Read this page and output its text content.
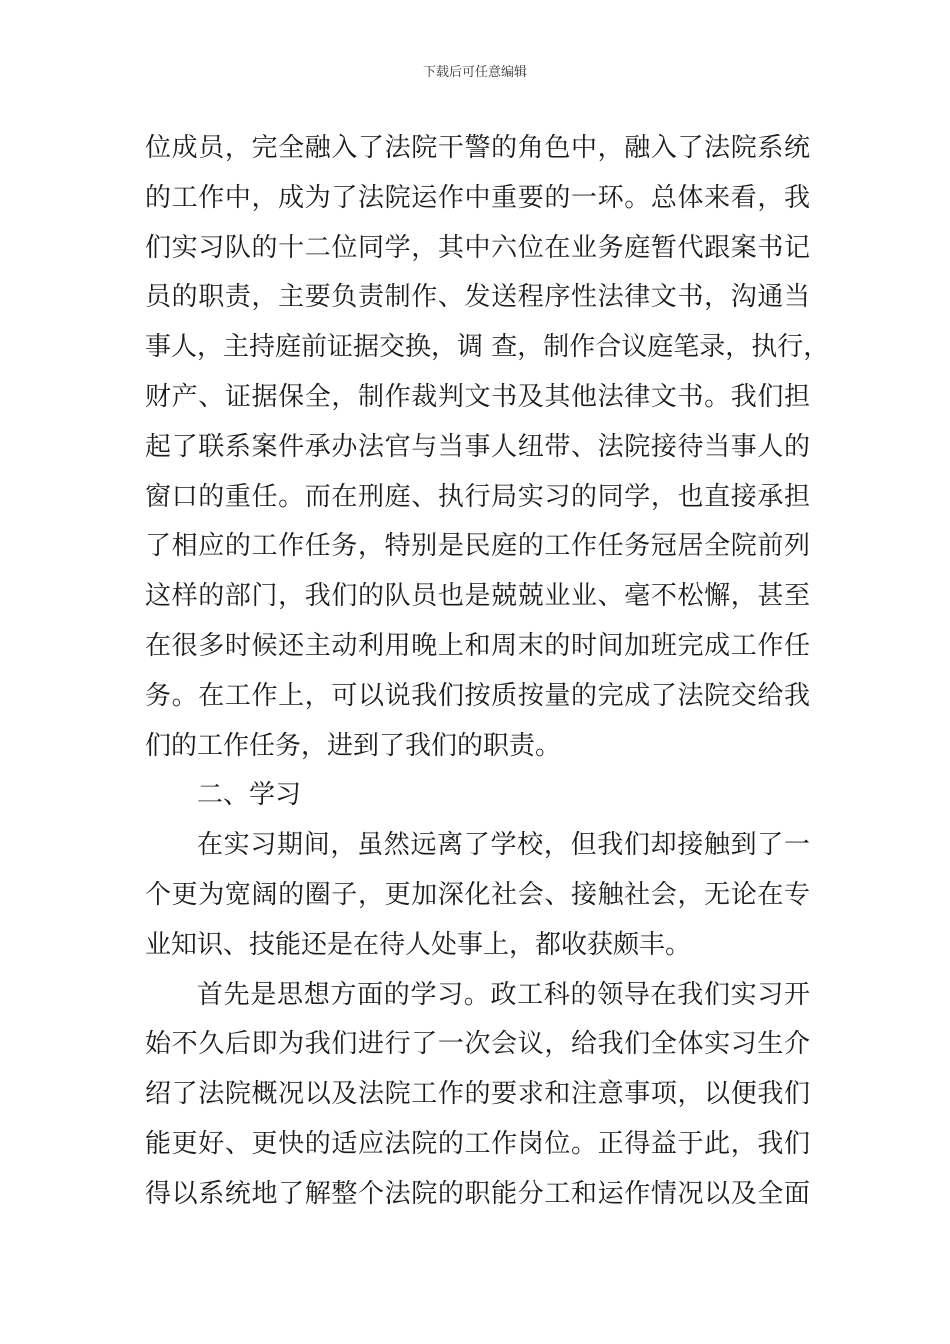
下载后可任意编辑
位成员，完全融入了法院干警的角色中，融入了法院系统
的工作中，成为了法院运作中重要的一环。总体来看，我
们实习队的十二位同学，其中六位在业务庭暂代跟案书记
员的职责，主要负责制作、发送程序性法律文书，沟通当
事人，主持庭前证据交换，调 查，制作合议庭笔录，执行，
财产、证据保全，制作裁判文书及其他法律文书。我们担
起了联系案件承办法官与当事人纽带、法院接待当事人的
窗口的重任。而在刑庭、执行局实习的同学，也直接承担
了相应的工作任务，特别是民庭的工作任务冠居全院前列
这样的部门，我们的队员也是兢兢业业、毫不松懈，甚至
在很多时候还主动利用晚上和周末的时间加班完成工作任
务。在工作上，可以说我们按质按量的完成了法院交给我
们的工作任务，进到了我们的职责。
二、学习
在实习期间，虽然远离了学校，但我们却接触到了一
个更为宽阔的圈子，更加深化社会、接触社会，无论在专
业知识、技能还是在待人处事上，都收获颇丰。
首先是思想方面的学习。政工科的领导在我们实习开
始不久后即为我们进行了一次会议，给我们全体实习生介
绍了法院概况以及法院工作的要求和注意事项，以便我们
能更好、更快的适应法院的工作岗位。正得益于此，我们
得以系统地了解整个法院的职能分工和运作情况以及全面
